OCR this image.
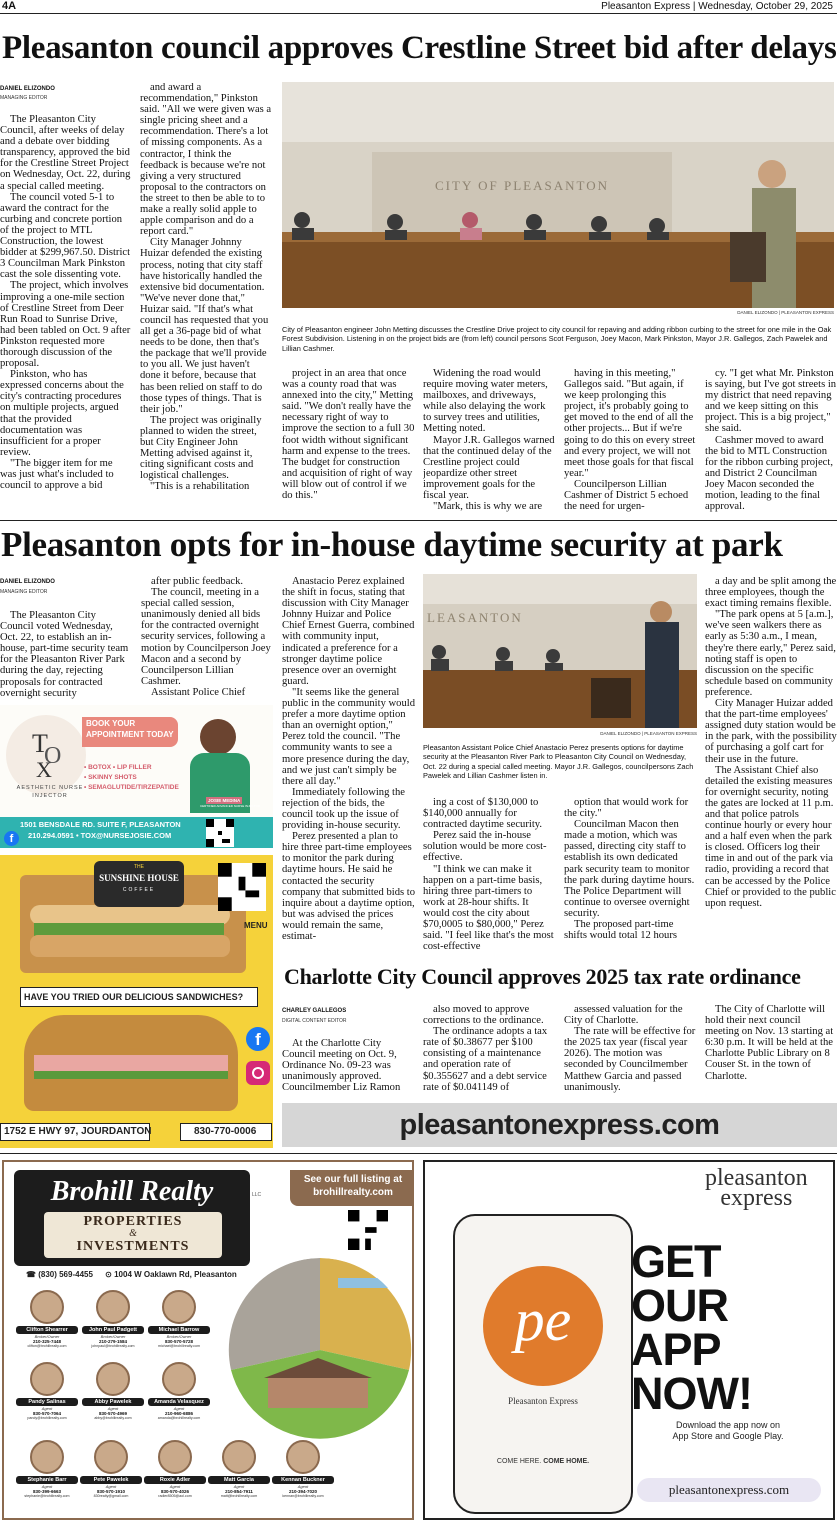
4A	Pleasanton Express | Wednesday, October 29, 2025
Pleasanton council approves Crestline Street bid after delays
DANIEL ELIZONDO
MANAGING EDITOR

The Pleasanton City Council, after weeks of delay and a debate over bidding transparency, approved the bid for the Crestline Street Project on Wednesday, Oct. 22, during a special called meeting.

The council voted 5-1 to award the contract for the curbing and concrete portion of the project to MTL Construction, the lowest bidder at $299,967.50. District 3 Councilman Mark Pinkston cast the sole dissenting vote.

The project, which involves improving a one-mile section of Crestline Street from Deer Run Road to Sunrise Drive, had been tabled on Oct. 9 after Pinkston requested more thorough discussion of the proposal.

Pinkston, who has expressed concerns about the city's contracting procedures on multiple projects, argued that the provided documentation was insufficient for a proper review.

"The bigger item for me was just what's included to council to approve a bid

and award a recommendation," Pinkston said. "All we were given was a single pricing sheet and a recommendation. There's a lot of missing components. As a contractor, I think the feedback is because we're not giving a very structured proposal to the contractors on the street to then be able to to make a really solid apple to apple comparison and do a report card."

City Manager Johnny Huizar defended the existing process, noting that city staff have historically handled the extensive bid documentation. "We've never done that," Huizar said. "If that's what council has requested that you all get a 36-page bid of what needs to be done, then that's the package that we'll provide to you all. We just haven't done it before, because that has been relied on staff to do those types of things. That is their job."

The project was originally planned to widen the street, but City Engineer John Metting advised against it, citing significant costs and logistical challenges.

"This is a rehabilitation

CITY OF PLEASANTON
DANIEL ELIZONDO | PLEASANTON EXPRESS
City of Pleasanton engineer John Metting discusses the Crestline Drive project to city council for repaving and adding ribbon curbing to the street for one mile in the Oak Forest Subdivision. Listening in on the project bids are (from left) council persons Scot Ferguson, Joey Macon, Mark Pinkston, Mayor J.R. Gallegos, Zach Pawelek and Lillian Cashmer.

project in an area that once was a county road that was annexed into the city," Metting said. "We don't really have the necessary right of way to improve the section to a full 30 foot width without significant harm and expense to the trees. The budget for construction and acquisition of right of way will blow out of control if we do this."

Widening the road would require moving water meters, mailboxes, and driveways, while also delaying the work to survey trees and utilities, Metting noted.

Mayor J.R. Gallegos warned that the continued delay of the Crestline project could jeopardize other street improvement goals for the fiscal year.

"Mark, this is why we are

having in this meeting," Gallegos said. "But again, if we keep prolonging this project, it's probably going to get moved to the end of all the other projects... But if we're going to do this on every street and every project, we will not meet those goals for that fiscal year."

Councilperson Lillian Cashmer of District 5 echoed the need for urgen-

cy. "I get what Mr. Pinkston is saying, but I've got streets in my district that need repaving and we keep sitting on this project. This is a big project," she said.

Cashmer moved to award the bid to MTL Construction for the ribbon curbing project, and District 2 Councilman Joey Macon seconded the motion, leading to the final approval.

Pleasanton opts for in-house daytime security at park
DANIEL ELIZONDO
MANAGING EDITOR

The Pleasanton City Council voted Wednesday, Oct. 22, to establish an in-house, part-time security team for the Pleasanton River Park during the day, rejecting proposals for contracted overnight security

after public feedback.

The council, meeting in a special called session, unanimously denied all bids for the contracted overnight security services, following a motion by Councilperson Joey Macon and a second by Councilperson Lillian Cashmer.

Assistant Police Chief

Anastacio Perez explained the shift in focus, stating that discussion with City Manager Johnny Huizar and Police Chief Ernest Guerra, combined with community input, indicated a preference for a stronger daytime police presence over an overnight guard.

"It seems like the general public in the community would prefer a more daytime option than an overnight option," Perez told the council. "The community wants to see a more presence during the day, and we just can't simply be there all day."

Immediately following the rejection of the bids, the council took up the issue of providing in-house security.

Perez presented a plan to hire three part-time employees to monitor the park during daytime hours. He said he contacted the security company that submitted bids to inquire about a daytime option, but was advised the prices would remain the same, estimat-

LEASANTON
DANIEL ELIZONDO | PLEASANTON EXPRESS
Pleasanton Assistant Police Chief Anastacio Perez presents options for daytime security at the Pleasanton River Park to Pleasanton City Council on Wednesday, Oct. 22 during a special called meeting. Mayor J.R. Gallegos, councilpersons Zach Pawelek and Lillian Cashmer listen in.

ing a cost of $130,000 to $140,000 annually for contracted daytime security.

Perez said the in-house solution would be more cost-effective.

"I think we can make it happen on a part-time basis, hiring three part-timers to work at 28-hour shifts. It would cost the city about $70,0005 to $80,000," Perez said. "I feel like that's the most cost-effective

option that would work for the city."

Councilman Macon then made a motion, which was passed, directing city staff to establish its own dedicated park security team to monitor the park during daytime hours. The Police Department will continue to oversee overnight security.

The proposed part-time shifts would total 12 hours

a day and be split among the three employees, though the exact timing remains flexible.

"The park opens at 5 [a.m.], we've seen walkers there as early as 5:30 a.m., I mean, they're there early," Perez said, noting staff is open to discussion on the specific schedule based on community preference.

City Manager Huizar added that the part-time employees' assigned duty station would be in the park, with the possibility of purchasing a golf cart for their use in the future.

The Assistant Chief also detailed the existing measures for overnight security, noting the gates are locked at 11 p.m. and that police patrols continue hourly or every hour and a half even when the park is closed. Officers log their time in and out of the park via radio, providing a record that can be accessed by the Police Chief or provided to the public upon request.

T
O
X
AESTHETIC NURSE
INJECTOR
BOOK YOUR
APPOINTMENT TODAY
• BOTOX • LIP FILLER
• SKINNY SHOTS
• SEMAGLUTIDE/TIRZEPATIDE
JOSIE MEDINA
CERTIFIED ADVANCED NURSE INJECTOR
1501 BENSDALE RD. SUITE F, PLEASANTON
210.294.0591 • TOX@NURSEJOSIE.COM
f
THE
SUNSHINE HOUSE
COFFEE
MENU
HAVE YOU TRIED OUR DELICIOUS SANDWICHES?
f
1752 E HWY 97, JOURDANTON	830-770-0006
Charlotte City Council approves 2025 tax rate ordinance
CHARLEY GALLEGOS
DIGITAL CONTENT EDITOR

At the Charlotte City Council meeting on Oct. 9, Ordinance No. 09-23 was unanimously approved. Councilmember Liz Ramon

also moved to approve corrections to the ordinance.

The ordinance adopts a tax rate of $0.38677 per $100 consisting of a maintenance and operation rate of $0.355627 and a debt service rate of $0.041149 of

assessed valuation for the City of Charlotte.

The rate will be effective for the 2025 tax year (fiscal year 2026). The motion was seconded by Councilmember Matthew Garcia and passed unanimously.

The City of Charlotte will hold their next council meeting on Nov. 13 starting at 6:30 p.m. It will be held at the Charlotte Public Library on 8 Couser St. in the town of Charlotte.

pleasantonexpress.com
Brohill Realty	LLC
PROPERTIES
&
INVESTMENTS
See our full listing at
brohillrealty.com
☎ (830) 569-4455 ⊙ 1004 W Oaklawn Rd, Pleasanton
Clifton Shearrer
Broker/Owner
210-325-7448
clifton@brohillrealty.com
John Paul Padgett
Broker/Owner
210-279-1584
johnpaul@brohillrealty.com
Michael Barrow
Broker/Owner
830-570-5728
michael@brohillrealty.com
Pandy Salinas
Agent
830-570-7064
pandy@brohillrealty.com
Abby Pawelek
Agent
830-570-4969
abby@brohillrealty.com
Amanda Velasquez
Agent
210-960-6886
amanda@brohillrealty.com
Stephanie Barr
Agent
830-399-6663
stephanie@brohillrealty.com
Pete Pawelek
Agent
830-570-1910
830realty@gmail.com
Roxie Adler
Agent
830-570-4026
radler8505@aol.com
Matt Garcia
Agent
210-854-7911
matt@brohillrealty.com
Kennan Buckner
Agent
210-394-7020
kennan@brohillrealty.com
pleasanton
express
pe
Pleasanton Express
COME HERE. COME HOME.
GET
OUR
APP
NOW!
Download the app now on
App Store and Google Play.
pleasantonexpress.com
